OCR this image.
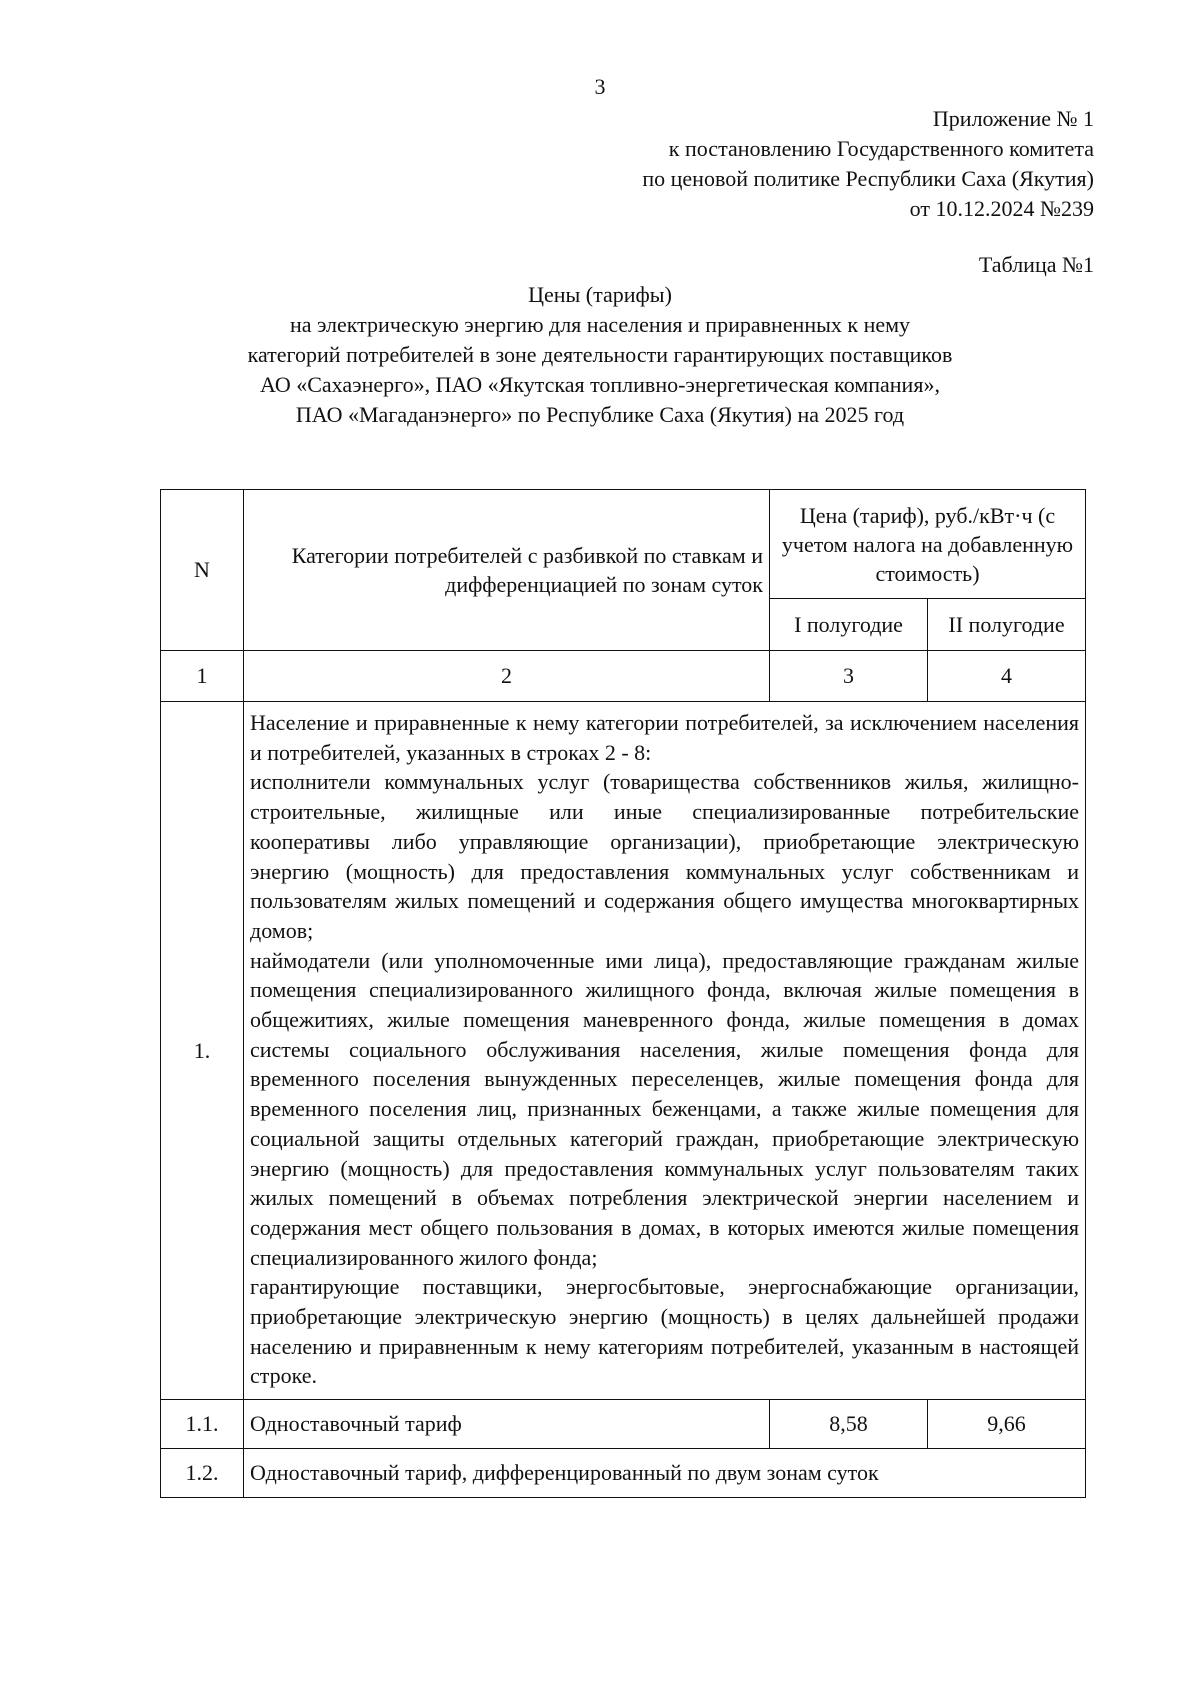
3
Приложение № 1
к постановлению Государственного комитета
по ценовой политике Республики Саха (Якутия)
от 10.12.2024 №239
Таблица №1
Цены (тарифы)
на электрическую энергию для населения и приравненных к нему
категорий потребителей в зоне деятельности гарантирующих поставщиков
АО «Сахаэнерго», ПАО «Якутская топливно-энергетическая компания»,
ПАО «Магаданэнерго» по Республике Саха (Якутия) на 2025 год
N	Категории потребителей с разбивкой по ставкам и дифференциацией по зонам суток	Цена (тариф), руб./кВт·ч (с учетом налога на добавленную стоимость)	
		I полугодие	II полугодие
1	2	3	4
1.	Население и приравненные к нему категории потребителей, за исключением населения и потребителей, указанных в строках 2 - 8:
исполнители коммунальных услуг (товарищества собственников жилья, жилищно-строительные, жилищные или иные специализированные потребительские кооперативы либо управляющие организации), приобретающие электрическую энергию (мощность) для предоставления коммунальных услуг собственникам и пользователям жилых помещений и содержания общего имущества многоквартирных домов;
наймодатели (или уполномоченные ими лица), предоставляющие гражданам жилые помещения специализированного жилищного фонда, включая жилые помещения в общежитиях, жилые помещения маневренного фонда, жилые помещения в домах системы социального обслуживания населения, жилые помещения фонда для временного поселения вынужденных переселенцев, жилые помещения фонда для временного поселения лиц, признанных беженцами, а также жилые помещения для социальной защиты отдельных категорий граждан, приобретающие электрическую энергию (мощность) для предоставления коммунальных услуг пользователям таких жилых помещений в объемах потребления электрической энергии населением и содержания мест общего пользования в домах, в которых имеются жилые помещения специализированного жилого фонда;
гарантирующие поставщики, энергосбытовые, энергоснабжающие организации, приобретающие электрическую энергию (мощность) в целях дальнейшей продажи населению и приравненным к нему категориям потребителей, указанным в настоящей строке.		

1.1.	Одноставочный тариф	8,58	9,66
1.2.	Одноставочный тариф, дифференцированный по двум зонам суток		
